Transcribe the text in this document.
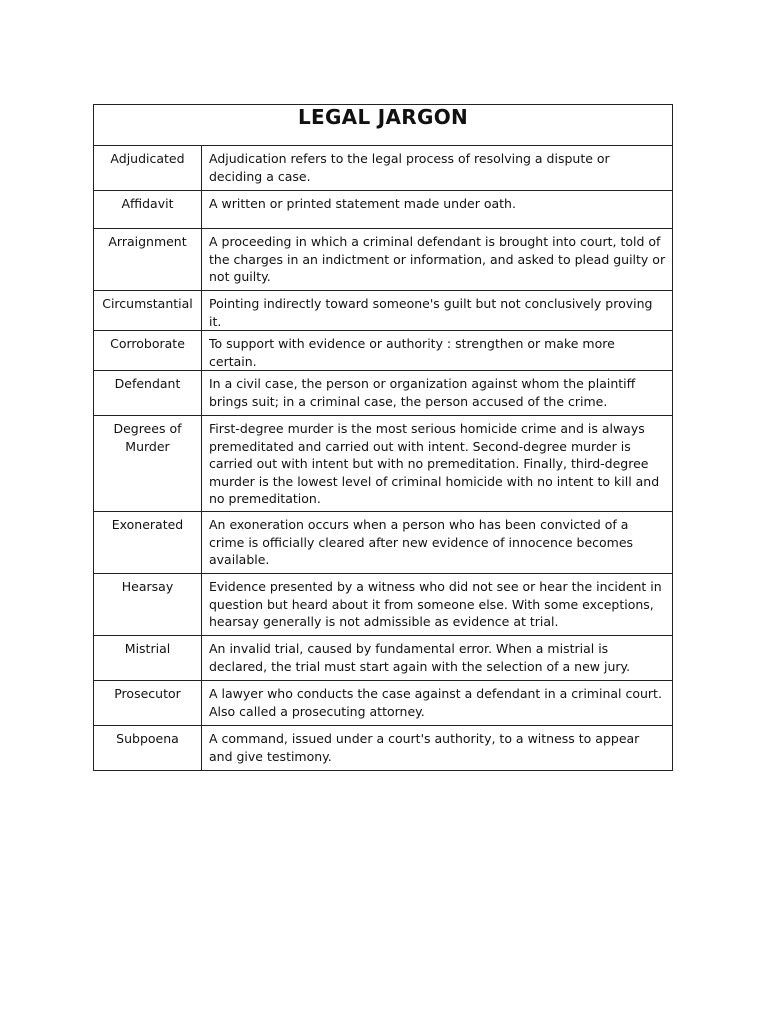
LEGAL JARGON	
Adjudicated	Adjudication refers to the legal process of resolving a dispute or deciding a case.
Affidavit	A written or printed statement made under oath.
Arraignment	A proceeding in which a criminal defendant is brought into court, told of the charges in an indictment or information, and asked to plead guilty or not guilty.
Circumstantial	Pointing indirectly toward someone's guilt but not conclusively proving it.
Corroborate	To support with evidence or authority : strengthen or make more certain.
Defendant	In a civil case, the person or organization against whom the plaintiff brings suit; in a criminal case, the person accused of the crime.
Degrees of Murder	First-degree murder is the most serious homicide crime and is always premeditated and carried out with intent. Second-degree murder is carried out with intent but with no premeditation. Finally, third-degree murder is the lowest level of criminal homicide with no intent to kill and no premeditation.
Exonerated	An exoneration occurs when a person who has been convicted of a crime is officially cleared after new evidence of innocence becomes available.
Hearsay	Evidence presented by a witness who did not see or hear the incident in question but heard about it from someone else. With some exceptions, hearsay generally is not admissible as evidence at trial.
Mistrial	An invalid trial, caused by fundamental error. When a mistrial is declared, the trial must start again with the selection of a new jury.
Prosecutor	A lawyer who conducts the case against a defendant in a criminal court. Also called a prosecuting attorney.
Subpoena	A command, issued under a court's authority, to a witness to appear and give testimony.
